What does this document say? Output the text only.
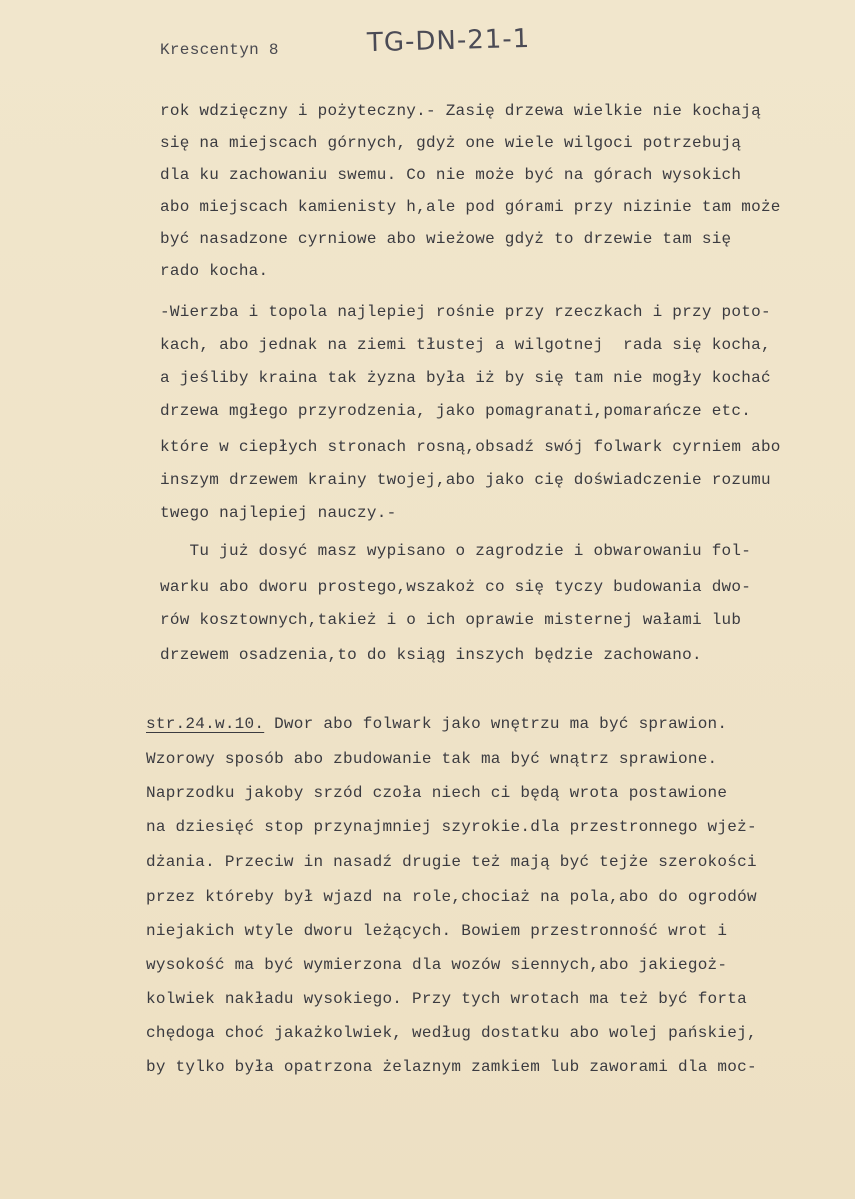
Krescentyn 8	TG-DN-21-1
rok wdzięczny i pożyteczny.- Zasię drzewa wielkie nie kochają
się na miejscach górnych, gdyż one wiele wilgoci potrzebują
dla ku zachowaniu swemu. Co nie może być na górach wysokich
abo miejscach kamienisty h,ale pod górami przy nizinie tam może
być nasadzone cyrniowe abo wieżowe gdyż to drzewie tam się
rado kocha.
-Wierzba i topola najlepiej rośnie przy rzeczkach i przy poto-
kach, abo jednak na ziemi tłustej a wilgotnej  rada się kocha,
a jeśliby kraina tak żyzna była iż by się tam nie mogły kochać
drzewa mgłego przyrodzenia, jako pomagranati,pomarańcze etc.
które w ciepłych stronach rosną,obsadź swój folwark cyrniem abo
inszym drzewem krainy twojej,abo jako cię doświadczenie rozumu
twego najlepiej nauczy.-
Tu już dosyć masz wypisano o zagrodzie i obwarowaniu fol-
warku abo dworu prostego,wszakoż co się tyczy budowania dwo-
rów kosztownych,takież i o ich oprawie misternej wałami lub
drzewem osadzenia,to do ksiąg inszych będzie zachowano.
str.24.w.10. Dwor abo folwark jako wnętrzu ma być sprawion.
Wzorowy sposób abo zbudowanie tak ma być wnątrz sprawione.
Naprzodku jakoby srzód czoła niech ci będą wrota postawione
na dziesięć stop przynajmniej szyrokie.dla przestronnego wjeż-
dżania. Przeciw in nasadź drugie też mają być tejże szerokości
przez któreby był wjazd na role,chociaż na pola,abo do ogrodów
niejakich wtyle dworu leżących. Bowiem przestronność wrot i
wysokość ma być wymierzona dla wozów siennych,abo jakiegoż-
kolwiek nakładu wysokiego. Przy tych wrotach ma też być forta
chędoga choć jakażkolwiek, według dostatku abo wolej pańskiej,
by tylko była opatrzona żelaznym zamkiem lub zaworami dla moc-
